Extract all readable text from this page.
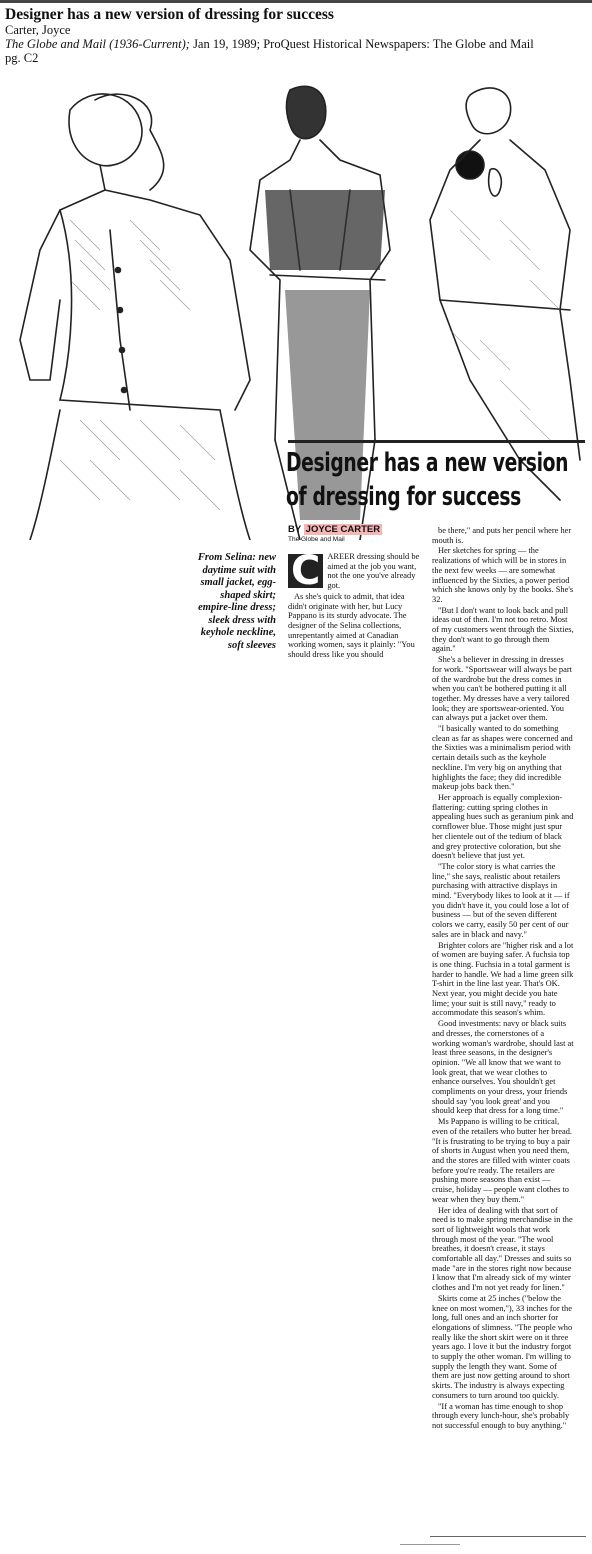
Designer has a new version of dressing for success

Carter, Joyce

The Globe and Mail (1936-Current); Jan 19, 1989; ProQuest Historical Newspapers: The Globe and Mail

pg. C2

Designer has a new version
of dressing for success
BY JOYCE CARTER
The Globe and Mail
From Selina: new daytime suit with small jacket, egg-shaped skirt; empire-line dress; sleek dress with keyhole neckline, soft sleeves
C AREER dressing should be aimed at the job you want, not the one you've already got.

As she's quick to admit, that idea didn't originate with her, but Lucy Pappano is its sturdy advocate. The designer of the Selina collections, unrepentantly aimed at Canadian working women, says it plainly: "You should dress like you should

be there," and puts her pencil where her mouth is.

Her sketches for spring — the realizations of which will be in stores in the next few weeks — are somewhat influenced by the Sixties, a power period which she knows only by the books. She's 32.

"But I don't want to look back and pull ideas out of then. I'm not too retro. Most of my customers went through the Sixties, they don't want to go through them again."

She's a believer in dressing in dresses for work. "Sportswear will always be part of the wardrobe but the dress comes in when you can't be bothered putting it all together. My dresses have a very tailored look; they are sportswear-oriented. You can always put a jacket over them.

"I basically wanted to do something clean as far as shapes were concerned and the Sixties was a minimalism period with certain details such as the keyhole neckline. I'm very big on anything that highlights the face; they did incredible makeup jobs back then."

Her approach is equally complexion-flattering: cutting spring clothes in appealing hues such as geranium pink and cornflower blue. Those might just spur her clientele out of the tedium of black and grey protective coloration, but she doesn't believe that just yet.

"The color story is what carries the line," she says, realistic about retailers purchasing with attractive displays in mind. "Everybody likes to look at it — if you didn't have it, you could lose a lot of business — but of the seven different colors we carry, easily 50 per cent of our sales are in black and navy."

Brighter colors are "higher risk and a lot of women are buying safer. A fuchsia top is one thing. Fuchsia in a total garment is harder to handle. We had a lime green silk T-shirt in the line last year. That's OK. Next year, you might decide you hate lime; your suit is still navy," ready to accommodate this season's whim.

Good investments: navy or black suits and dresses, the cornerstones of a working woman's wardrobe, should last at least three seasons, in the designer's opinion. "We all know that we want to look great, that we wear clothes to enhance ourselves. You shouldn't get compliments on your dress, your friends should say 'you look great' and you should keep that dress for a long time."

Ms Pappano is willing to be critical, even of the retailers who butter her bread. "It is frustrating to be trying to buy a pair of shorts in August when you need them, and the stores are filled with winter coats before you're ready. The retailers are pushing more seasons than exist — cruise, holiday — people want clothes to wear when they buy them."

Her idea of dealing with that sort of need is to make spring merchandise in the sort of lightweight wools that work through most of the year. "The wool breathes, it doesn't crease, it stays comfortable all day." Dresses and suits so made "are in the stores right now because I know that I'm already sick of my winter clothes and I'm not yet ready for linen."

Skirts come at 25 inches ("below the knee on most women,"), 33 inches for the long, full ones and an inch shorter for elongations of slimness. "The people who really like the short skirt were on it three years ago. I love it but the industry forgot to supply the other woman. I'm willing to supply the length they want. Some of them are just now getting around to short skirts. The industry is always expecting consumers to turn around too quickly.

"If a woman has time enough to shop through every lunch-hour, she's probably not successful enough to buy anything."
